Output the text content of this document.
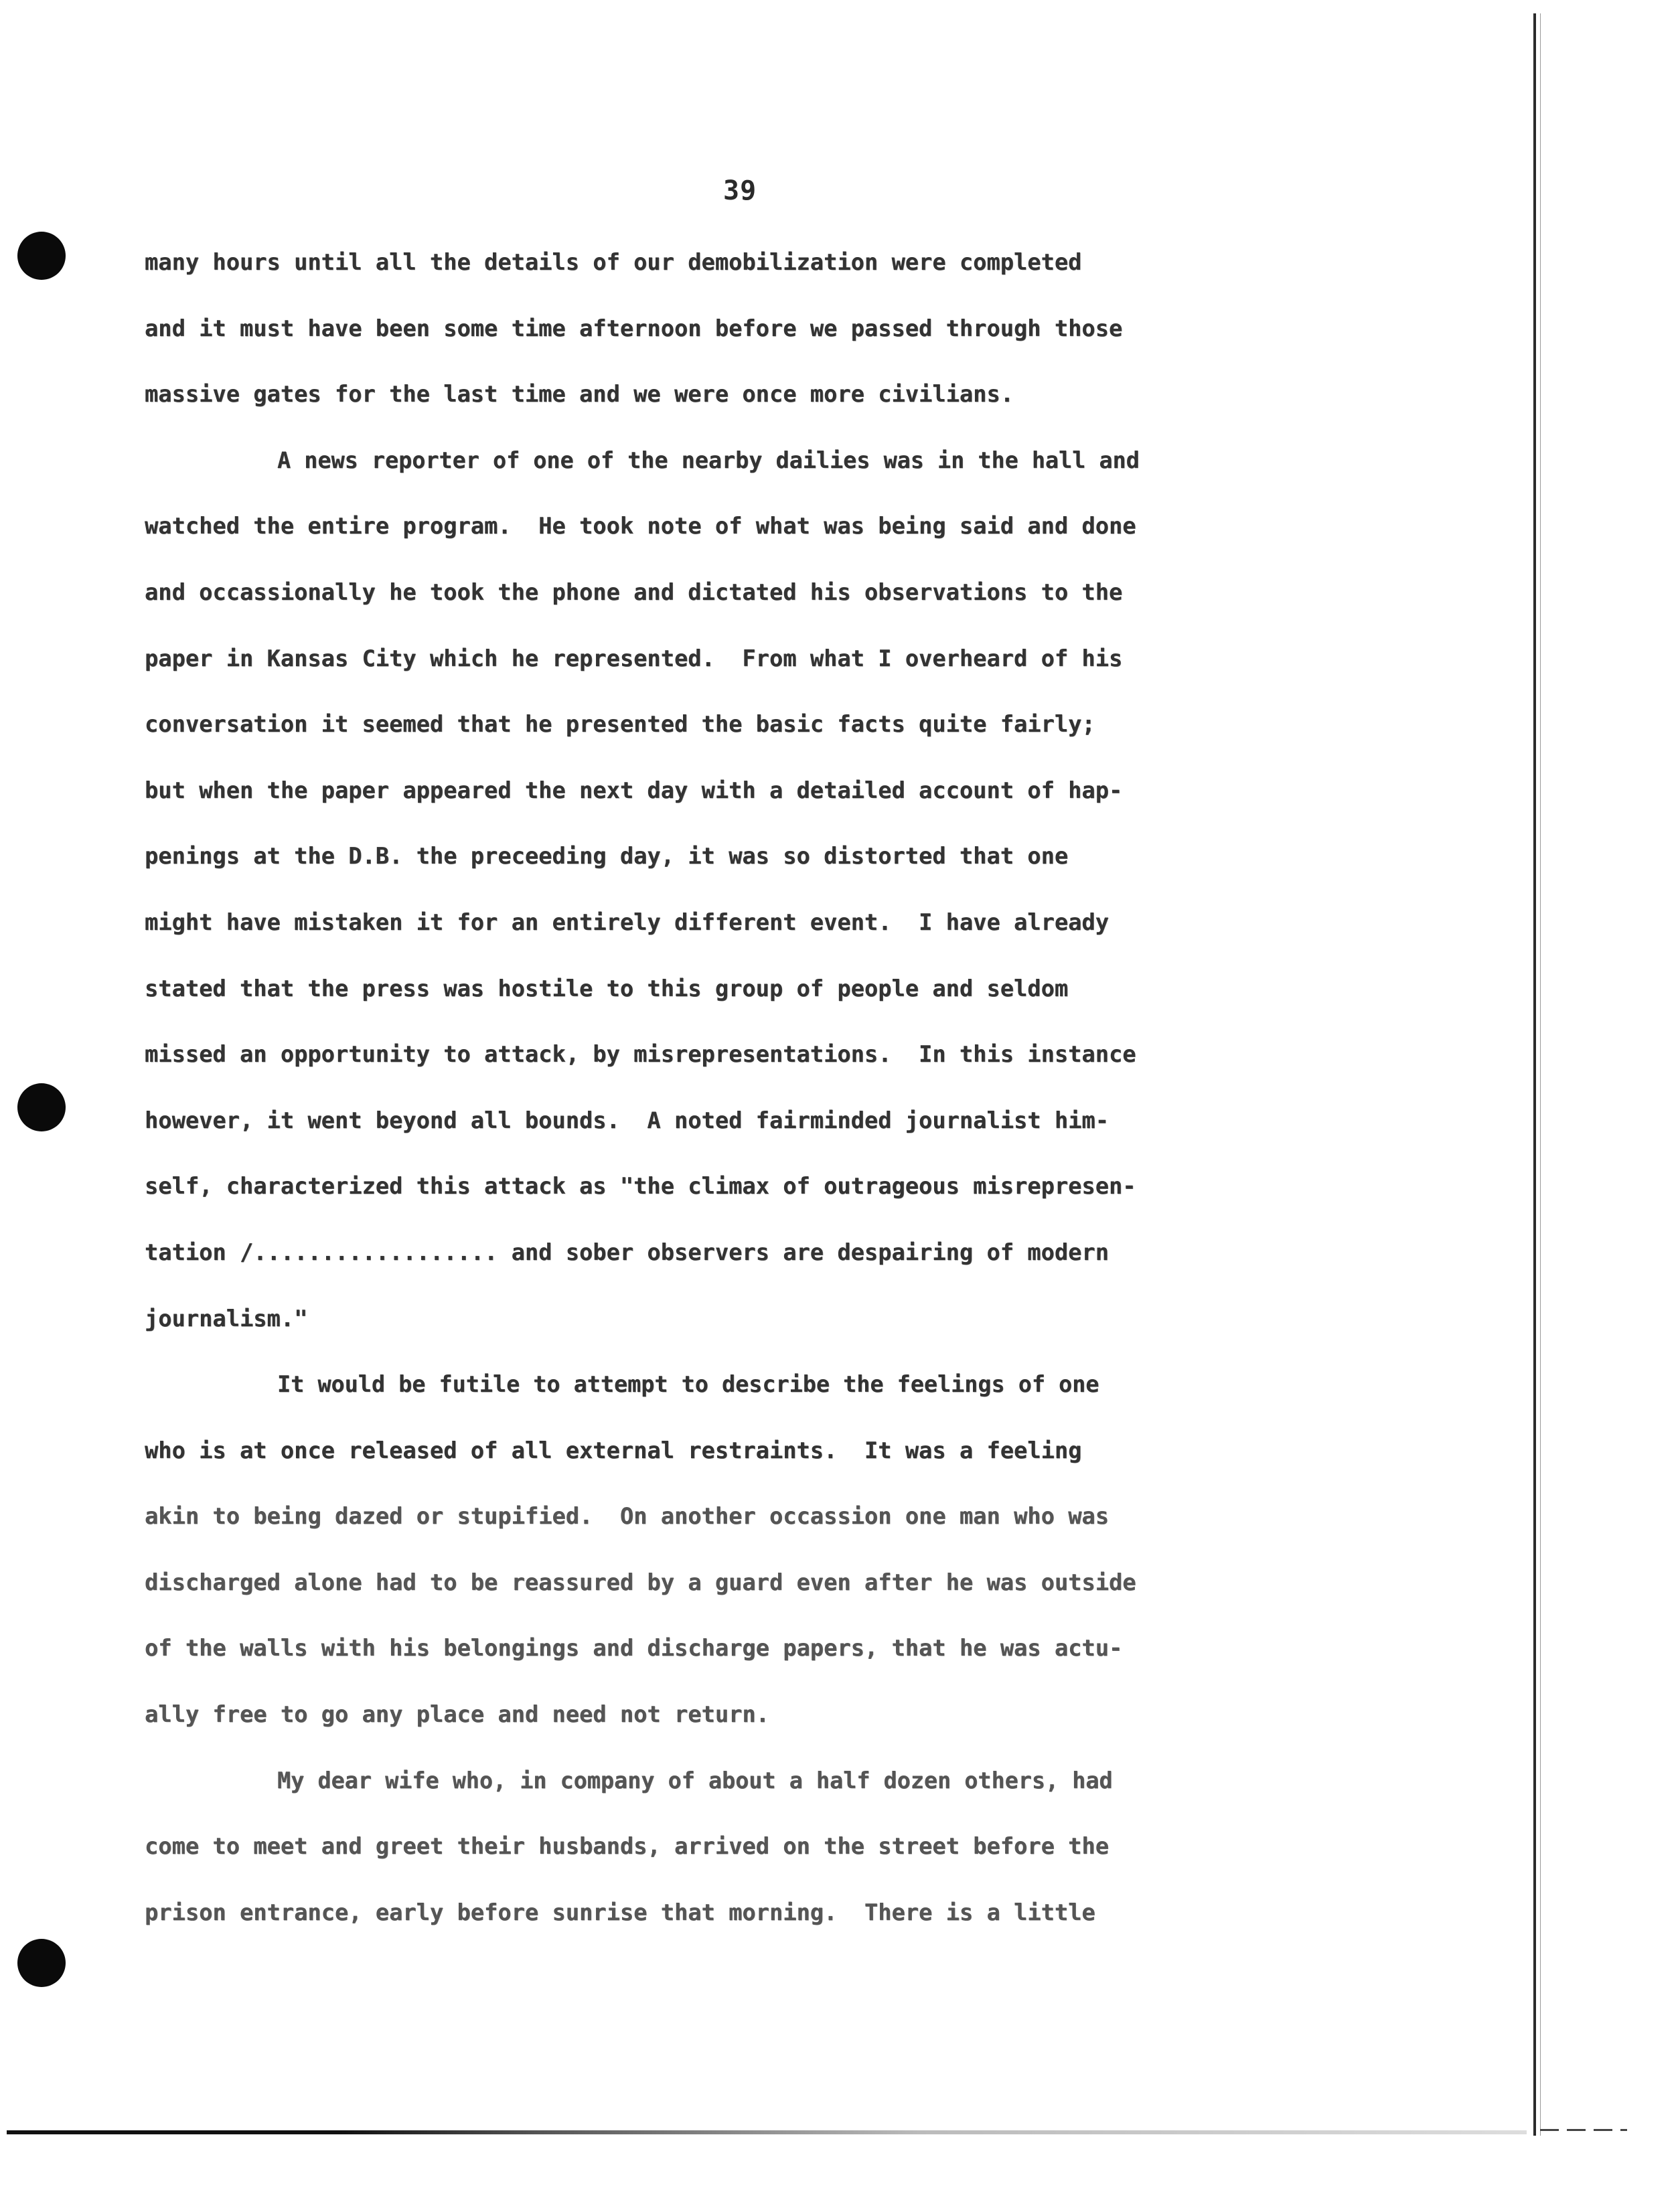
39
many hours until all the details of our demobilization were completed
and it must have been some time afternoon before we passed through those
massive gates for the last time and we were once more civilians.
A news reporter of one of the nearby dailies was in the hall and
watched the entire program.  He took note of what was being said and done
and occassionally he took the phone and dictated his observations to the
paper in Kansas City which he represented.  From what I overheard of his
conversation it seemed that he presented the basic facts quite fairly;
but when the paper appeared the next day with a detailed account of hap-
penings at the D.B. the preceeding day, it was so distorted that one
might have mistaken it for an entirely different event.  I have already
stated that the press was hostile to this group of people and seldom
missed an opportunity to attack, by misrepresentations.  In this instance
however, it went beyond all bounds.  A noted fairminded journalist him-
self, characterized this attack as "the climax of outrageous misrepresen-
tation /.................. and sober observers are despairing of modern
journalism."
It would be futile to attempt to describe the feelings of one
who is at once released of all external restraints.  It was a feeling
akin to being dazed or stupified.  On another occassion one man who was
discharged alone had to be reassured by a guard even after he was outside
of the walls with his belongings and discharge papers, that he was actu-
ally free to go any place and need not return.
My dear wife who, in company of about a half dozen others, had
come to meet and greet their husbands, arrived on the street before the
prison entrance, early before sunrise that morning.  There is a little
